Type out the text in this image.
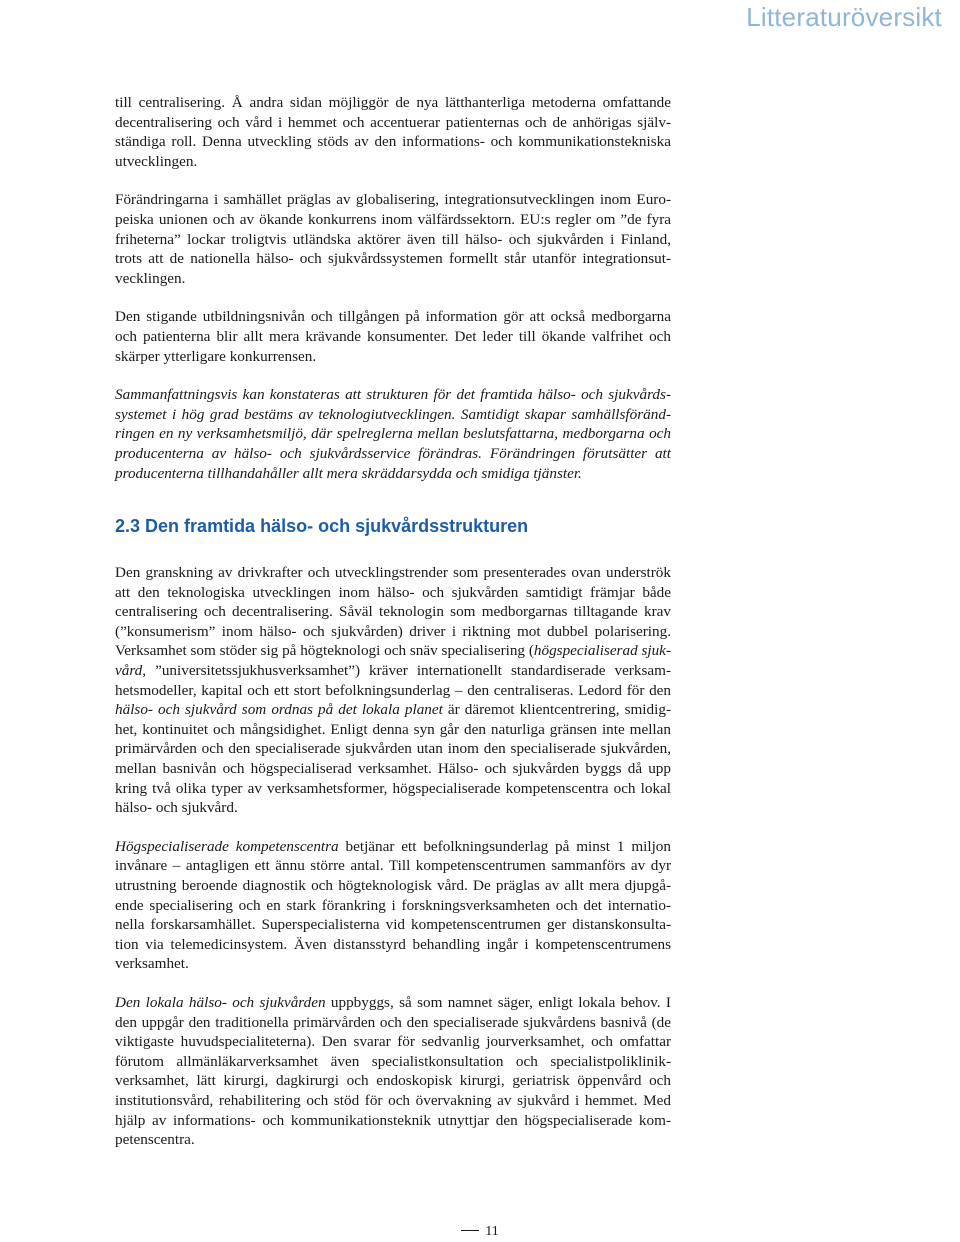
Litteraturöversikt

till centralisering. Å andra sidan möjliggör de nya lätthanterliga metoderna omfattande decentralisering och vård i hemmet och accentuerar patienternas och de anhörigas självständiga roll. Denna utveckling stöds av den informations- och kommunikationstekniska utvecklingen.

Förändringarna i samhället präglas av globalisering, integrationsutvecklingen inom Europeiska unionen och av ökande konkurrens inom välfärdssektorn. EU:s regler om ”de fyra friheterna” lockar troligtvis utländska aktörer även till hälso- och sjukvården i Finland, trots att de nationella hälso- och sjukvårdssystemen formellt står utanför integrationsutvecklingen.

Den stigande utbildningsnivån och tillgången på information gör att också medborgarna och patienterna blir allt mera krävande konsumenter. Det leder till ökande valfrihet och skärper ytterligare konkurrensen.

Sammanfattningsvis kan konstateras att strukturen för det framtida hälso- och sjukvårdssystemet i hög grad bestäms av teknologiutvecklingen. Samtidigt skapar samhällsförändringen en ny verksamhetsmiljö, där spelreglerna mellan beslutsfattarna, medborgarna och producenterna av hälso- och sjukvårdsservice förändras. Förändringen förutsätter att producenterna tillhandahåller allt mera skräddarsydda och smidiga tjänster.

2.3 Den framtida hälso- och sjukvårdsstrukturen

Den granskning av drivkrafter och utvecklingstrender som presenterades ovan underströk att den teknologiska utvecklingen inom hälso- och sjukvården samtidigt främjar både centralisering och decentralisering. Såväl teknologin som medborgarnas tilltagande krav (”konsumerism” inom hälso- och sjukvården) driver i riktning mot dubbel polarisering. Verksamhet som stöder sig på högteknologi och snäv specialisering (högspecialiserad sjukvård, ”universitetssjukhusverksamhet”) kräver internationellt standardiserade verksamhetsmodeller, kapital och ett stort befolkningsunderlag – den centraliseras. Ledord för den hälso- och sjukvård som ordnas på det lokala planet är däremot klientcentrering, smidighet, kontinuitet och mångsidighet. Enligt denna syn går den naturliga gränsen inte mellan primärvården och den specialiserade sjukvården utan inom den specialiserade sjukvården, mellan basnivån och högspecialiserad verksamhet. Hälso- och sjukvården byggs då upp kring två olika typer av verksamhetsformer, högspecialiserade kompetenscentra och lokal hälso- och sjukvård.

Högspecialiserade kompetenscentra betjänar ett befolkningsunderlag på minst 1 miljon invånare – antagligen ett ännu större antal. Till kompetenscentrumen sammanförs av dyr utrustning beroende diagnostik och högteknologisk vård. De präglas av allt mera djupgående specialisering och en stark förankring i forskningsverksamheten och det internationella forskarsamhället. Superspecialisterna vid kompetenscentrumen ger distanskonsultation via telemedicinsystem. Även distansstyrd behandling ingår i kompetenscentrumens verksamhet.

Den lokala hälso- och sjukvården uppbyggs, så som namnet säger, enligt lokala behov. I den uppgår den traditionella primärvården och den specialiserade sjukvårdens basnivå (de viktigaste huvudspecialiteterna). Den svarar för sedvanlig jourverksamhet, och omfattar förutom allmänläkarverksamhet även specialistkonsultation och specialistpoliklinikverksamhet, lätt kirurgi, dagkirurgi och endoskopisk kirurgi, geriatrisk öppenvård och institutionsvård, rehabilitering och stöd för och övervakning av sjukvård i hemmet. Med hjälp av informations- och kommunikationsteknik utnyttjar den högspecialiserade kompetenscentra.

11
